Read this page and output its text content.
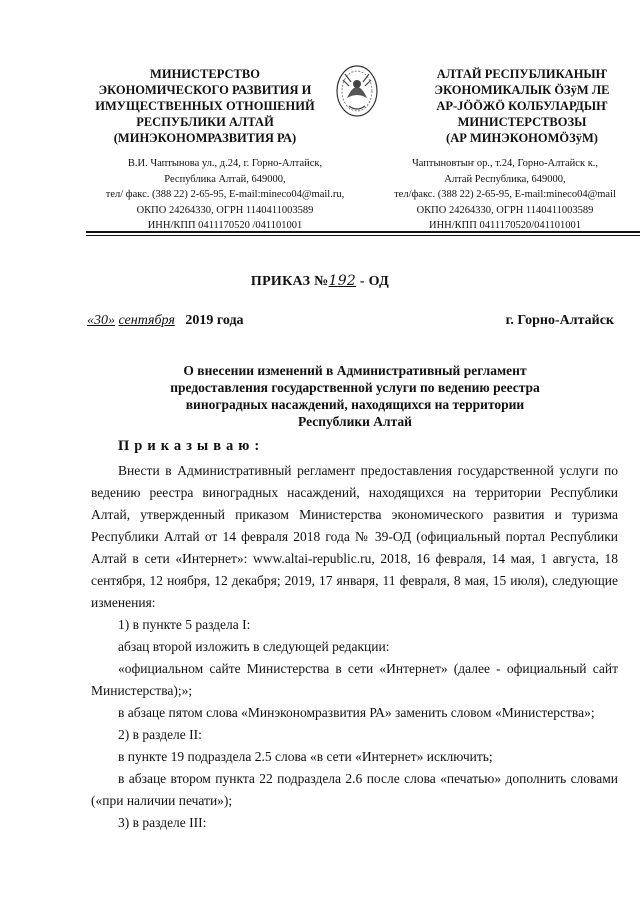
МИНИСТЕРСТВО
ЭКОНОМИЧЕСКОГО РАЗВИТИЯ И
ИМУЩЕСТВЕННЫХ ОТНОШЕНИЙ
РЕСПУБЛИКИ АЛТАЙ
(МИНЭКОНОМРАЗВИТИЯ РА)
АЛТАЙ РЕСПУБЛИКАНЫҤ
ЭКОНОМИКАЛЫК ÖЗÿМ ЛЕ
АР-JÖÖЖÖ КОЛБУЛАРДЫҤ
МИНИСТЕРСТВОЗЫ
(АР МИНЭКОНОМÖЗÿМ)
В.И. Чаптынова ул., д.24, г. Горно-Алтайск,
Республика Алтай, 649000,
тел/ факс. (388 22) 2-65-95, E-mail:mineco04@mail.ru,
ОКПО 24264330, ОГРН 1140411003589
ИНН/КПП 0411170520 /041101001
Чаптыновтыҥ ор., т.24, Горно-Алтайск к.,
Алтай Республика, 649000,
тел/факс. (388 22) 2-65-95, E-mail:mineco04@mail
ОКПО 24264330, ОГРН 1140411003589
ИНН/КПП 0411170520/041101001
ПРИКАЗ №192 - ОД
«30» сентября 2019 года	г. Горно-Алтайск
О внесении изменений в Административный регламент
предоставления государственной услуги по ведению реестра
виноградных насаждений, находящихся на территории
Республики Алтай
Приказываю:

Внести в Административный регламент предоставления государственной услуги по ведению реестра виноградных насаждений, находящихся на территории Республики Алтай, утвержденный приказом Министерства экономического развития и туризма Республики Алтай от 14 февраля 2018 года № 39-ОД (официальный портал Республики Алтай в сети «Интернет»: www.altai-republic.ru, 2018, 16 февраля, 14 мая, 1 августа, 18 сентября, 12 ноября, 12 декабря; 2019, 17 января, 11 февраля, 8 мая, 15 июля), следующие изменения:

1) в пункте 5 раздела I:

абзац второй изложить в следующей редакции:

«официальном сайте Министерства в сети «Интернет» (далее - официальный сайт Министерства);»;

в абзаце пятом слова «Минэкономразвития РА» заменить словом «Министерства»;

2) в разделе II:

в пункте 19 подраздела 2.5 слова «в сети «Интернет» исключить;

в абзаце втором пункта 22 подраздела 2.6 после слова «печатью» дополнить словами («при наличии печати»);

3) в разделе III:
